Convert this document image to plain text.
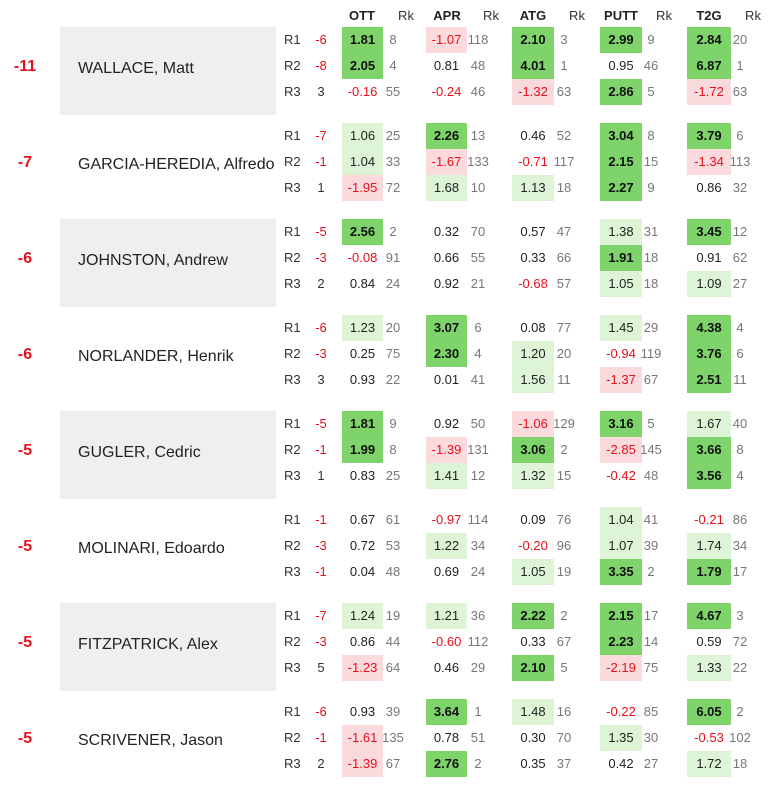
OTT Rk APR Rk ATG Rk PUTT Rk T2G Rk
-11	WALLACE, Matt
R1	-6	1.81	8	-1.07 118	2.10	3	2.99	9	2.84 20
R2	-8	2.05	4	0.81 48	4.01	1	0.95 46	6.87	1
R3	3	-0.16 55	-0.24 46	-1.32 63	2.86	5	-1.72 63
-7	GARCIA-HEREDIA, Alfredo
R1	-7	1.06 25	2.26 13	0.46 52	3.04	8	3.79	6
R2	-1	1.04 33	-1.67 133	-0.71 117	2.15 15	-1.34 113
R3	1	-1.95 72	1.68 10	1.13 18	2.27	9	0.86 32
-6	JOHNSTON, Andrew
R1	-5	2.56	2	0.32 70	0.57 47	1.38 31	3.45 12
R2	-3	-0.08 91	0.66 55	0.33 66	1.91 18	0.91 62
R3	2	0.84 24	0.92 21	-0.68 57	1.05 18	1.09 27
-6	NORLANDER, Henrik
R1	-6	1.23 20	3.07	6	0.08 77	1.45 29	4.38	4
R2	-3	0.25 75	2.30	4	1.20 20	-0.94 119	3.76	6
R3	3	0.93 22	0.01 41	1.56 11	-1.37 67	2.51 11
-5	GUGLER, Cedric
R1	-5	1.81	9	0.92 50	-1.06 129	3.16	5	1.67 40
R2	-1	1.99	8	-1.39 131	3.06	2	-2.85 145	3.66	8
R3	1	0.83 25	1.41 12	1.32 15	-0.42 48	3.56	4
-5	MOLINARI, Edoardo
R1	-1	0.67 61	-0.97 114	0.09 76	1.04 41	-0.21 86
R2	-3	0.72 53	1.22 34	-0.20 96	1.07 39	1.74 34
R3	-1	0.04 48	0.69 24	1.05 19	3.35	2	1.79 17
-5	FITZPATRICK, Alex
R1	-7	1.24 19	1.21 36	2.22	2	2.15 17	4.67	3
R2	-3	0.86 44	-0.60 112	0.33 67	2.23 14	0.59 72
R3	5	-1.23 64	0.46 29	2.10	5	-2.19 75	1.33 22
-5	SCRIVENER, Jason
R1	-6	0.93 39	3.64	1	1.48 16	-0.22 85	6.05	2
R2	-1	-1.61 135	0.78 51	0.30 70	1.35 30	-0.53 102
R3	2	-1.39 67	2.76	2	0.35 37	0.42 27	1.72 18
